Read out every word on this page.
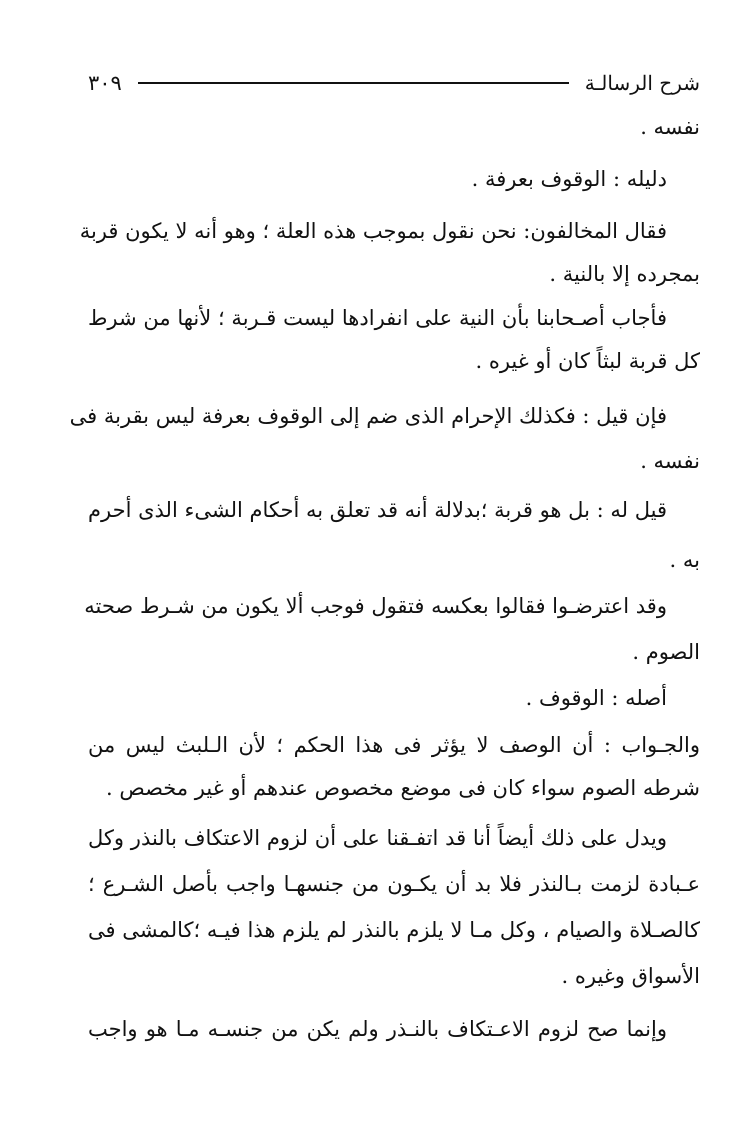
شرح الرسالـة
٣٠٩
نفسه .
دليله : الوقوف بعرفة .
فقال المخالفون: نحن نقول بموجب هذه العلة ؛ وهو أنه لا يكون قربة
بمجرده إلا بالنية .
فأجاب أصـحابنا بأن النية على انفرادها ليست قـربة ؛ لأنها من شرط
كل قربة لبثاً كان أو غيره .
فإن قيل : فكذلك الإحرام الذى ضم إلى الوقوف بعرفة ليس بقربة فى
نفسه .
قيل له : بل هو قربة ؛بدلالة أنه قد تعلق به أحكام الشىء الذى أحرم
به .
وقد اعترضـوا فقالوا بعكسه فتقول فوجب ألا يكون من شـرط صحته
الصوم .
أصله : الوقوف .
والجـواب : أن الوصف لا يؤثر فى هذا الحكم ؛ لأن الـلبث ليس من
شرطه الصوم سواء كان فى موضع مخصوص عندهم أو غير مخصص .
ويدل على ذلك أيضاً أنا قد اتفـقنا على أن لزوم الاعتكاف بالنذر وكل
عـبادة لزمت بـالنذر فلا بد أن يكـون من جنسهـا واجب بأصل الشـرع ؛
كالصـلاة والصيام ، وكل مـا لا يلزم بالنذر لم يلزم هذا فيـه ؛كالمشى فى
الأسواق وغيره .
وإنما صح لزوم الاعـتكاف بالنـذر ولم يكن من جنسـه مـا هو واجب
